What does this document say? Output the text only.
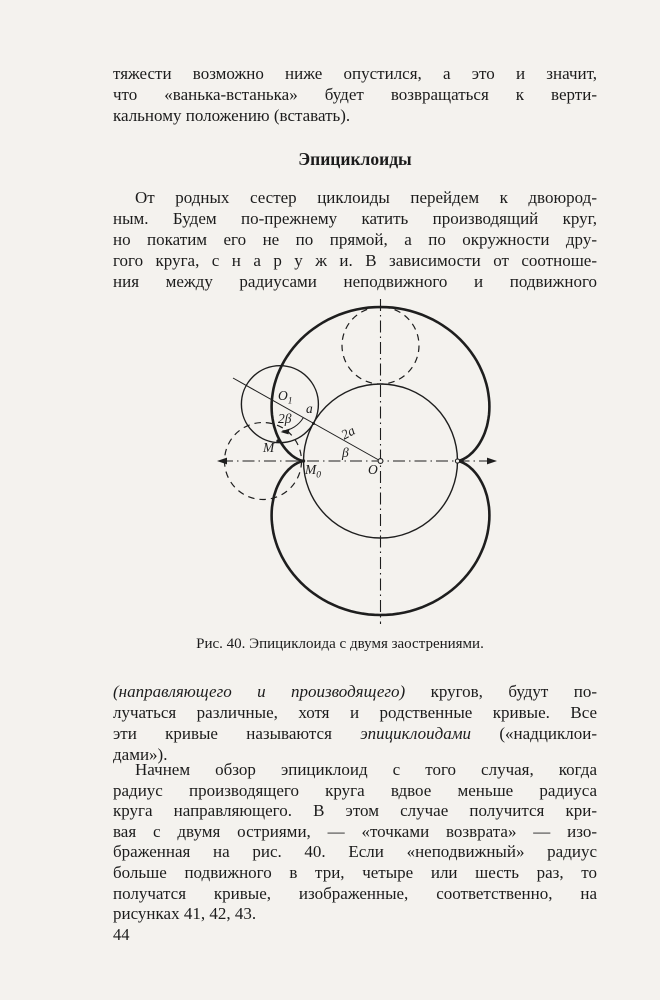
тяжести возможно ниже опустился, а это и значит,
что «ванька-встанька» будет возвращаться к верти-
кальному положению (вставать).
Эпициклоиды
От родных сестер циклоиды перейдем к двоюрод-
ным. Будем по-прежнему катить производящий круг,
но покатим его не по прямой, а по окружности дру-
гого круга, с н а р у ж и. В зависимости от соотноше-
ния между радиусами неподвижного и подвижного
$O_1$ a
2β
M
$M_0$
2a
β
O
Рис. 40. Эпициклоида с двумя заострениями.
(направляющего и производящего) кругов, будут по-
лучаться различные, хотя и родственные кривые. Все
эти кривые называются эпициклоидами («надциклои-
дами»).
Начнем обзор эпициклоид с того случая, когда
радиус производящего круга вдвое меньше радиуса
круга направляющего. В этом случае получится кри-
вая с двумя остриями, — «точками возврата» — изо-
браженная на рис. 40. Если «неподвижный» радиус
больше подвижного в три, четыре или шесть раз, то
получатся кривые, изображенные, соответственно, на
рисунках 41, 42, 43.
44
